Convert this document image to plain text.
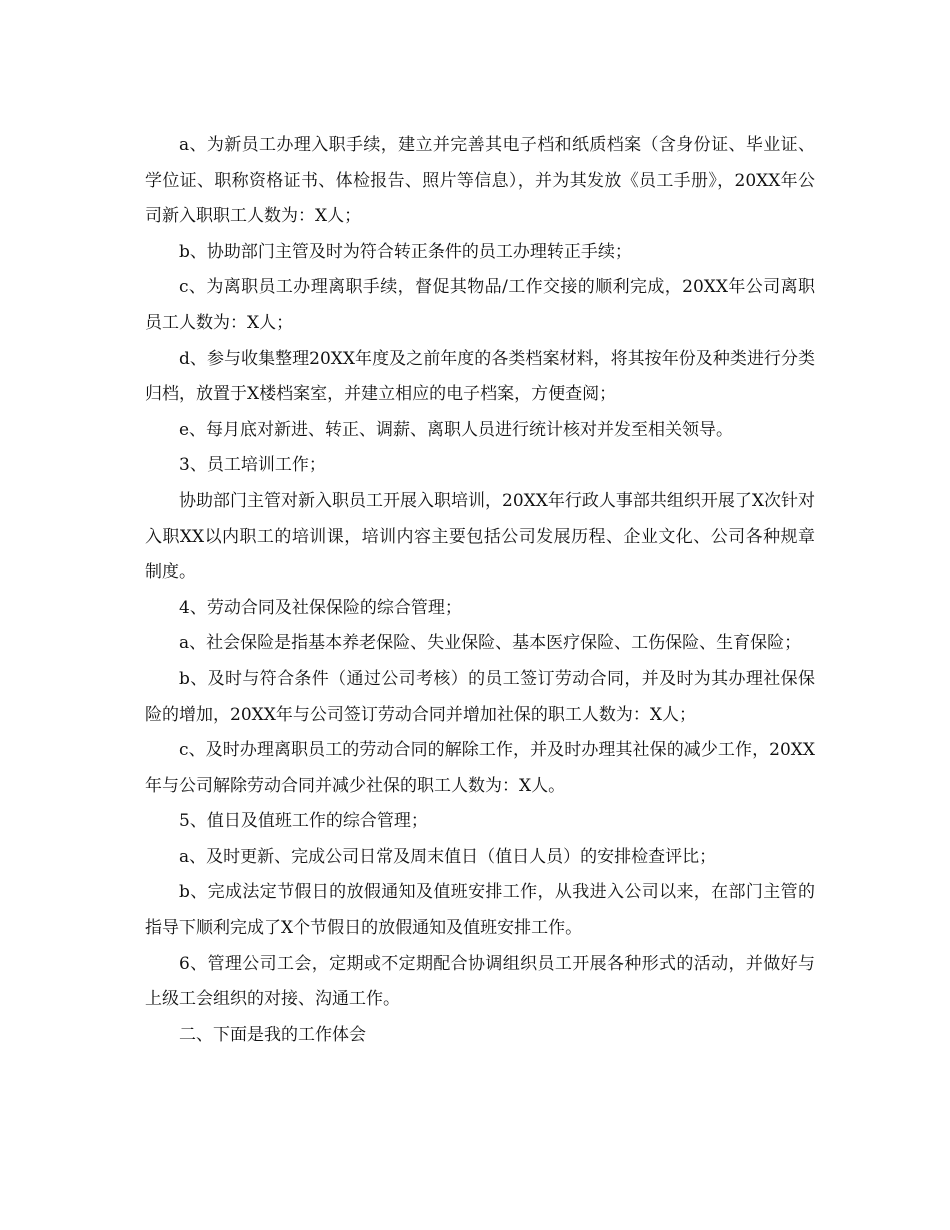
a、为新员工办理入职手续，建立并完善其电子档和纸质档案（含身份证、毕业证、学位证、职称资格证书、体检报告、照片等信息），并为其发放《员工手册》，20XX年公司新入职职工人数为：X人；

b、协助部门主管及时为符合转正条件的员工办理转正手续；

c、为离职员工办理离职手续，督促其物品/工作交接的顺利完成，20XX年公司离职员工人数为：X人；

d、参与收集整理20XX年度及之前年度的各类档案材料，将其按年份及种类进行分类归档，放置于X楼档案室，并建立相应的电子档案，方便查阅；

e、每月底对新进、转正、调薪、离职人员进行统计核对并发至相关领导。

3、员工培训工作；

协助部门主管对新入职员工开展入职培训，20XX年行政人事部共组织开展了X次针对入职XX以内职工的培训课，培训内容主要包括公司发展历程、企业文化、公司各种规章制度。

4、劳动合同及社保保险的综合管理；

a、社会保险是指基本养老保险、失业保险、基本医疗保险、工伤保险、生育保险；

b、及时与符合条件（通过公司考核）的员工签订劳动合同，并及时为其办理社保保险的增加，20XX年与公司签订劳动合同并增加社保的职工人数为：X人；

c、及时办理离职员工的劳动合同的解除工作，并及时办理其社保的减少工作，20XX年与公司解除劳动合同并减少社保的职工人数为：X人。

5、值日及值班工作的综合管理；

a、及时更新、完成公司日常及周末值日（值日人员）的安排检查评比；

b、完成法定节假日的放假通知及值班安排工作，从我进入公司以来，在部门主管的指导下顺利完成了X个节假日的放假通知及值班安排工作。

6、管理公司工会，定期或不定期配合协调组织员工开展各种形式的活动，并做好与上级工会组织的对接、沟通工作。

二、下面是我的工作体会
